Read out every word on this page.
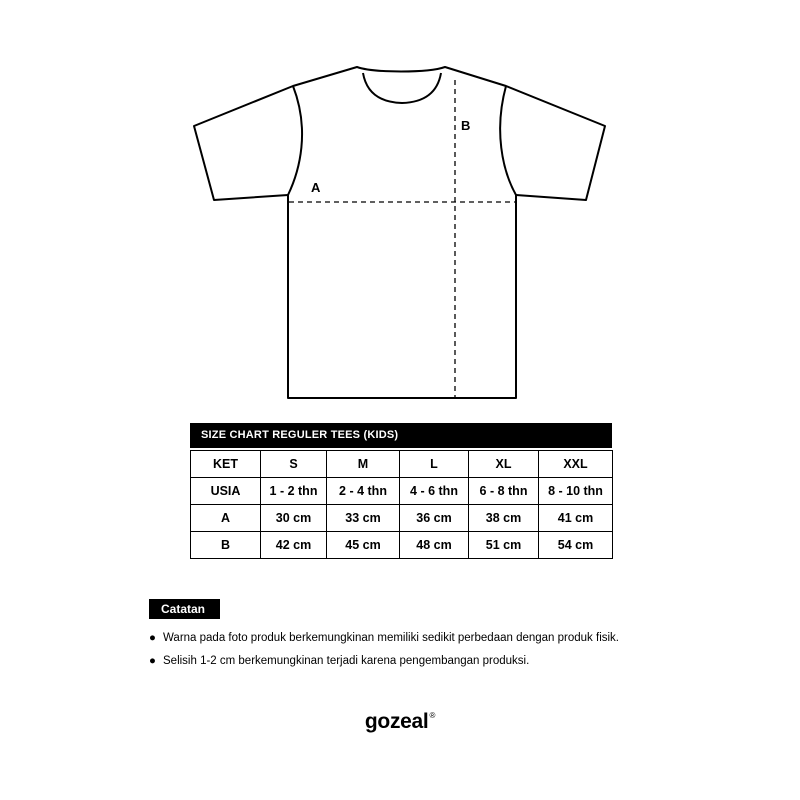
A
B
SIZE CHART REGULER TEES (KIDS)
KET	S	M	L	XL	XXL
USIA	1 - 2 thn	2 - 4 thn	4 - 6 thn	6 - 8 thn	8 - 10 thn
A	30 cm	33 cm	36 cm	38 cm	41 cm
B	42 cm	45 cm	48 cm	51 cm	54 cm
Catatan
● Warna pada foto produk berkemungkinan memiliki sedikit perbedaan dengan produk fisik.
● Selisih 1-2 cm berkemungkinan terjadi karena pengembangan produksi.
gozeal®
